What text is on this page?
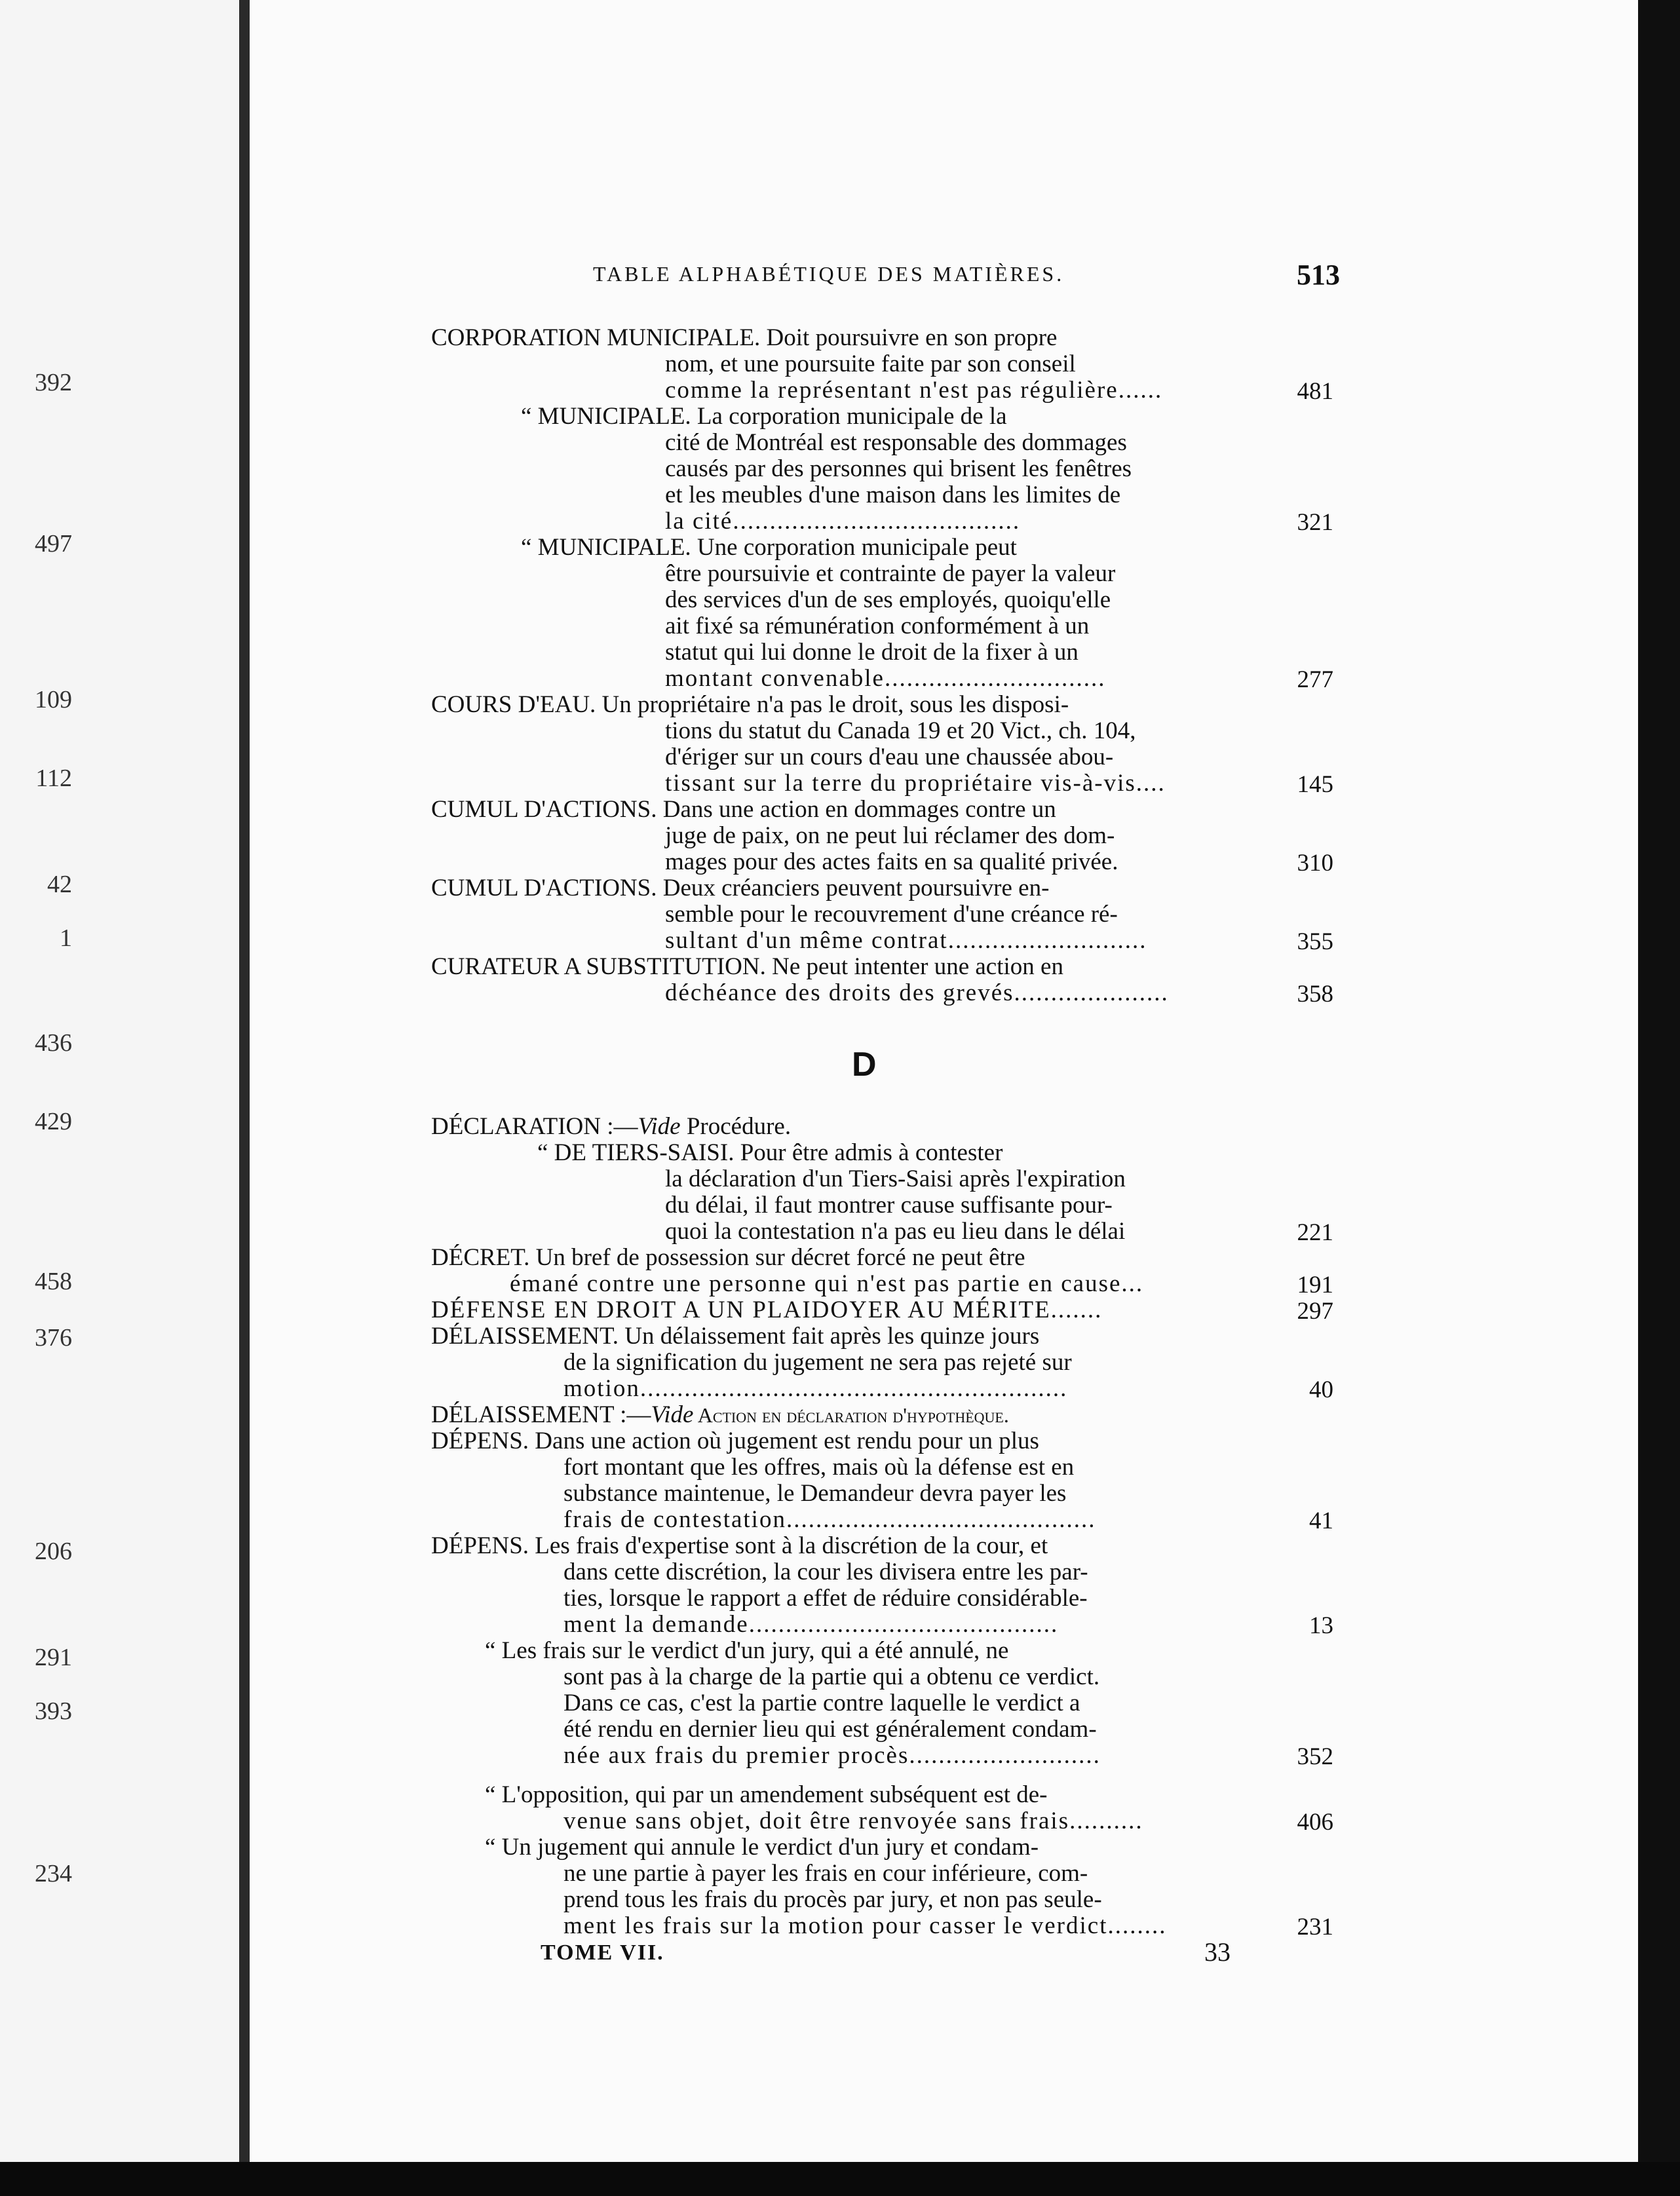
392
497
109
112
42
1
436
429
458
376
206
291
393
234
TABLE ALPHABÉTIQUE DES MATIÈRES.	513
CORPORATION MUNICIPALE. Doit poursuivre en son propre
nom, et une poursuite faite par son conseil
comme la représentant n'est pas régulière......	481
“ MUNICIPALE. La corporation municipale de la
cité de Montréal est responsable des dommages
causés par des personnes qui brisent les fenêtres
et les meubles d'une maison dans les limites de
la cité.......................................	321
“ MUNICIPALE. Une corporation municipale peut
être poursuivie et contrainte de payer la valeur
des services d'un de ses employés, quoiqu'elle
ait fixé sa rémunération conformément à un
statut qui lui donne le droit de la fixer à un
montant convenable..............................	277
COURS D'EAU. Un propriétaire n'a pas le droit, sous les disposi-
tions du statut du Canada 19 et 20 Vict., ch. 104,
d'ériger sur un cours d'eau une chaussée abou-
tissant sur la terre du propriétaire vis-à-vis....	145
CUMUL D'ACTIONS. Dans une action en dommages contre un
juge de paix, on ne peut lui réclamer des dom-
mages pour des actes faits en sa qualité privée.	310
CUMUL D'ACTIONS. Deux créanciers peuvent poursuivre en-
semble pour le recouvrement d'une créance ré-
sultant d'un même contrat...........................	355
CURATEUR A SUBSTITUTION. Ne peut intenter une action en
déchéance des droits des grevés.....................	358
D
DÉCLARATION :—Vide Procédure.
“ DE TIERS-SAISI. Pour être admis à contester
la déclaration d'un Tiers-Saisi après l'expiration
du délai, il faut montrer cause suffisante pour-
quoi la contestation n'a pas eu lieu dans le délai	221
DÉCRET. Un bref de possession sur décret forcé ne peut être
émané contre une personne qui n'est pas partie en cause...	191
DÉFENSE EN DROIT A UN PLAIDOYER AU MÉRITE.......	297
DÉLAISSEMENT. Un délaissement fait après les quinze jours
de la signification du jugement ne sera pas rejeté sur
motion..........................................................	40
DÉLAISSEMENT :—Vide Action en déclaration d'hypothèque.
DÉPENS. Dans une action où jugement est rendu pour un plus
fort montant que les offres, mais où la défense est en
substance maintenue, le Demandeur devra payer les
frais de contestation..........................................	41
DÉPENS. Les frais d'expertise sont à la discrétion de la cour, et
dans cette discrétion, la cour les divisera entre les par-
ties, lorsque le rapport a effet de réduire considérable-
ment la demande..........................................	13
“ Les frais sur le verdict d'un jury, qui a été annulé, ne
sont pas à la charge de la partie qui a obtenu ce verdict.
Dans ce cas, c'est la partie contre laquelle le verdict a
été rendu en dernier lieu qui est généralement condam-
née aux frais du premier procès..........................	352
“ L'opposition, qui par un amendement subséquent est de-
venue sans objet, doit être renvoyée sans frais..........	406
“ Un jugement qui annule le verdict d'un jury et condam-
ne une partie à payer les frais en cour inférieure, com-
prend tous les frais du procès par jury, et non pas seule-
ment les frais sur la motion pour casser le verdict........	231
TOME VII.	33
